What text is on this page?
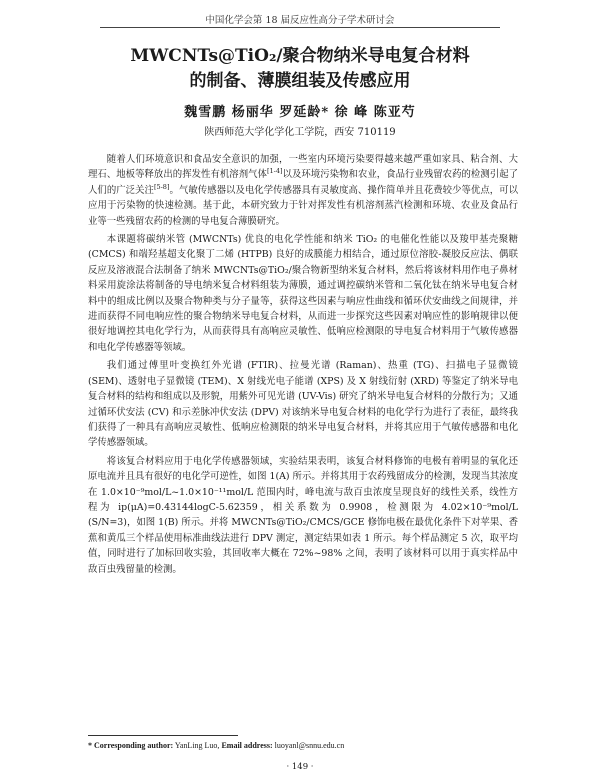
中国化学会第 18 届反应性高分子学术研讨会
MWCNTs@TiO₂/聚合物纳米导电复合材料
的制备、薄膜组装及传感应用
魏雪鹏 杨丽华 罗延龄* 徐 峰 陈亚芍
陕西师范大学化学化工学院，西安 710119

随着人们环境意识和食品安全意识的加强，一些室内环境污染要得越来越严重如家具、粘合剂、大理石、地板等释放出的挥发性有机溶剂气体[1-4]以及环境污染物和农业，食品行业残留农药的检测引起了人们的广泛关注[5-8]。气敏传感器以及电化学传感器具有灵敏度高、操作简单并且花费较少等优点，可以应用于污染物的快速检测。基于此，本研究致力于针对挥发性有机溶剂蒸汽检测和环境、农业及食品行业等一些残留农药的检测的导电复合薄膜研究。

本课题将碳纳米管 (MWCNTs) 优良的电化学性能和纳米 TiO₂ 的电催化性能以及羧甲基壳聚糖 (CMCS) 和端羟基超支化聚丁二烯 (HTPB) 良好的成膜能力相结合，通过原位溶胶-凝胶反应法、偶联反应及溶液混合法制备了纳米 MWCNTs@TiO₂/聚合物新型纳米复合材料，然后将该材料用作电子鼻材料采用旋涂法将制备的导电纳米复合材料组装为薄膜，通过调控碳纳米管和二氧化钛在纳米导电复合材料中的组成比例以及聚合物种类与分子量等，获得这些因素与响应性曲线和循环伏安曲线之间规律，并进而获得不同电响应性的聚合物纳米导电复合材料，从而进一步探究这些因素对响应性的影响规律以便很好地调控其电化学行为，从而获得具有高响应灵敏性、低响应检测限的导电复合材料用于气敏传感器和电化学传感器等领域。

我们通过傅里叶变换红外光谱 (FTIR)、拉曼光谱 (Raman)、热重 (TG)、扫描电子显微镜 (SEM)、透射电子显微镜 (TEM)、X 射线光电子能谱 (XPS) 及 X 射线衍射 (XRD) 等鉴定了纳米导电复合材料的结构和组成以及形貌，用紫外可见光谱 (UV-Vis) 研究了纳米导电复合材料的分散行为；又通过循环伏安法 (CV) 和示差脉冲伏安法 (DPV) 对该纳米导电复合材料的电化学行为进行了表征，最终我们获得了一种具有高响应灵敏性、低响应检测限的纳米导电复合材料，并将其应用于气敏传感器和电化学传感器领域。

将该复合材料应用于电化学传感器领域，实验结果表明，该复合材料修饰的电极有着明显的氧化还原电流并且具有很好的电化学可逆性，如图 1(A) 所示。并将其用于农药残留成分的检测，发现当其浓度在 1.0×10⁻⁹mol/L~1.0×10⁻¹¹mol/L 范围内时，峰电流与敌百虫浓度呈现良好的线性关系，线性方程为 ip(μA)=0.43144logC-5.62359，相关系数为 0.9908，检测限为 4.02×10⁻⁹mol/L (S/N=3)，如图 1(B) 所示。并将 MWCNTs@TiO₂/CMCS/GCE 修饰电极在最优化条件下对苹果、香蕉和黄瓜三个样品使用标准曲线法进行 DPV 测定，测定结果如表 1 所示。每个样品测定 5 次，取平均值，同时进行了加标回收实验，其回收率大概在 72%~98% 之间，表明了该材料可以用于真实样品中敌百虫残留量的检测。

* Corresponding author: YanLing Luo, Email address: luoyanl@snnu.edu.cn
· 149 ·
